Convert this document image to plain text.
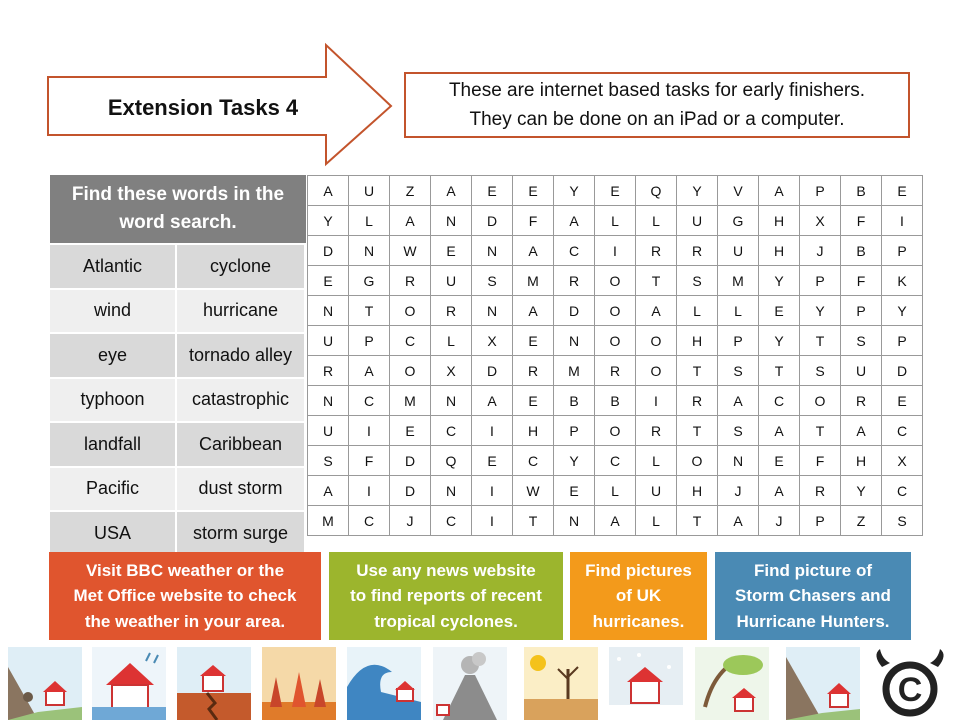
Extension Tasks 4
These are internet based tasks for early finishers.
They can be done on an iPad or a computer.
Find these words in the
word search.
Atlantic	cyclone
wind	hurricane
eye	tornado alley
typhoon	catastrophic
landfall	Caribbean
Pacific	dust storm
USA	storm surge
A	U	Z	A	E	E	Y	E	Q	Y	V	A	P	B	E
Y	L	A	N	D	F	A	L	L	U	G	H	X	F	I
D	N	W	E	N	A	C	I	R	R	U	H	J	B	P
E	G	R	U	S	M	R	O	T	S	M	Y	P	F	K
N	T	O	R	N	A	D	O	A	L	L	E	Y	P	Y
U	P	C	L	X	E	N	O	O	H	P	Y	T	S	P
R	A	O	X	D	R	M	R	O	T	S	T	S	U	D
N	C	M	N	A	E	B	B	I	R	A	C	O	R	E
U	I	E	C	I	H	P	O	R	T	S	A	T	A	C
S	F	D	Q	E	C	Y	C	L	O	N	E	F	H	X
A	I	D	N	I	W	E	L	U	H	J	A	R	Y	C
M	C	J	C	I	T	N	A	L	T	A	J	P	Z	S
Visit BBC weather or the
Met Office website to check
the weather in your area.
Use any news website
to find reports of recent
tropical cyclones.
Find pictures
of UK
hurricanes.
Find picture of
Storm Chasers and
Hurricane Hunters.
C
